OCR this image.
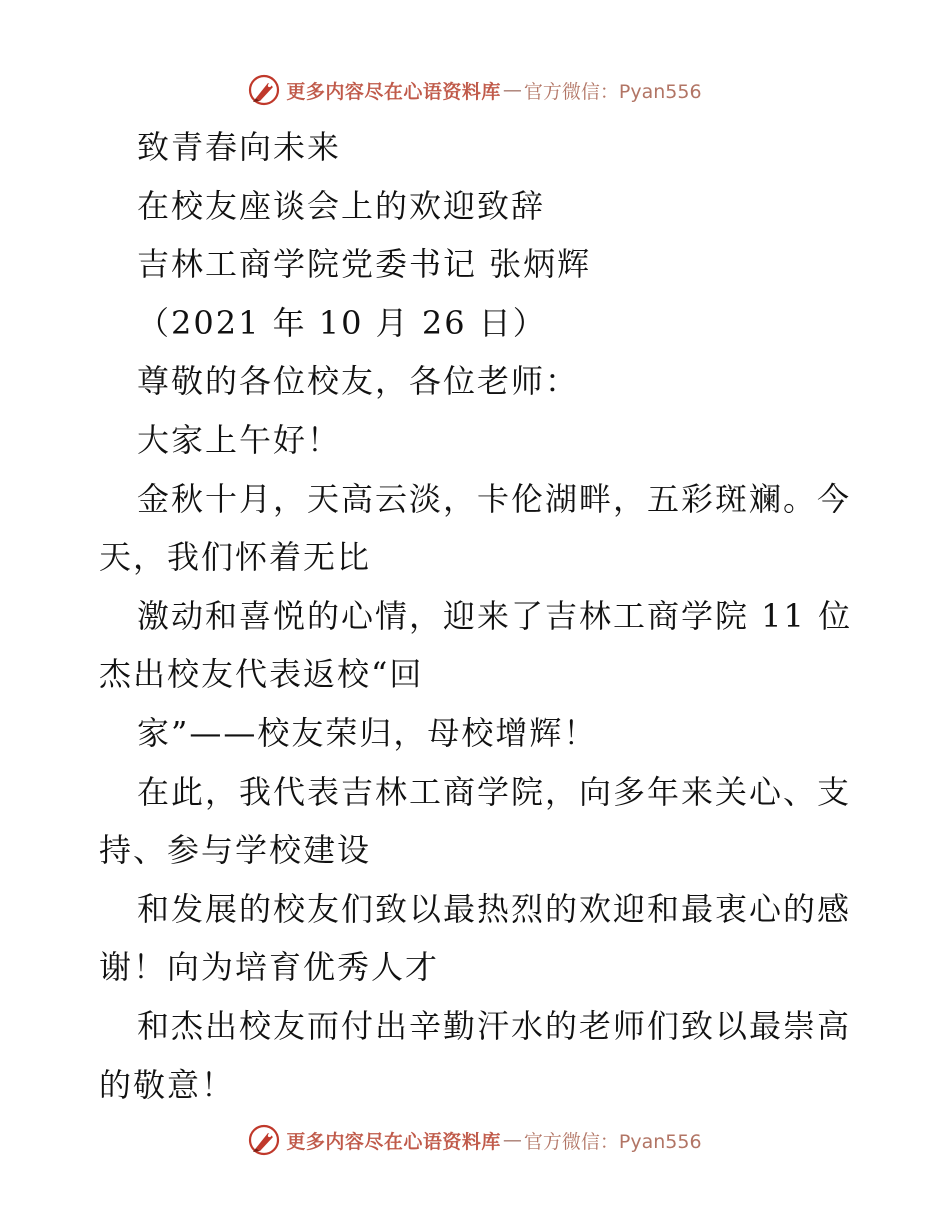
更多内容尽在心语资料库 — 官方微信：Pyan556
致青春向未来
在校友座谈会上的欢迎致辞
吉林工商学院党委书记 张炳辉
（2021 年 10 月 26 日）
尊敬的各位校友，各位老师：
大家上午好！
金秋十月，天高云淡，卡伦湖畔，五彩斑斓。今
天，我们怀着无比
激动和喜悦的心情，迎来了吉林工商学院 11 位
杰出校友代表返校“回
家”——校友荣归，母校增辉！
在此，我代表吉林工商学院，向多年来关心、支
持、参与学校建设
和发展的校友们致以最热烈的欢迎和最衷心的感
谢！向为培育优秀人才
和杰出校友而付出辛勤汗水的老师们致以最崇高
的敬意！
更多内容尽在心语资料库 — 官方微信：Pyan556
